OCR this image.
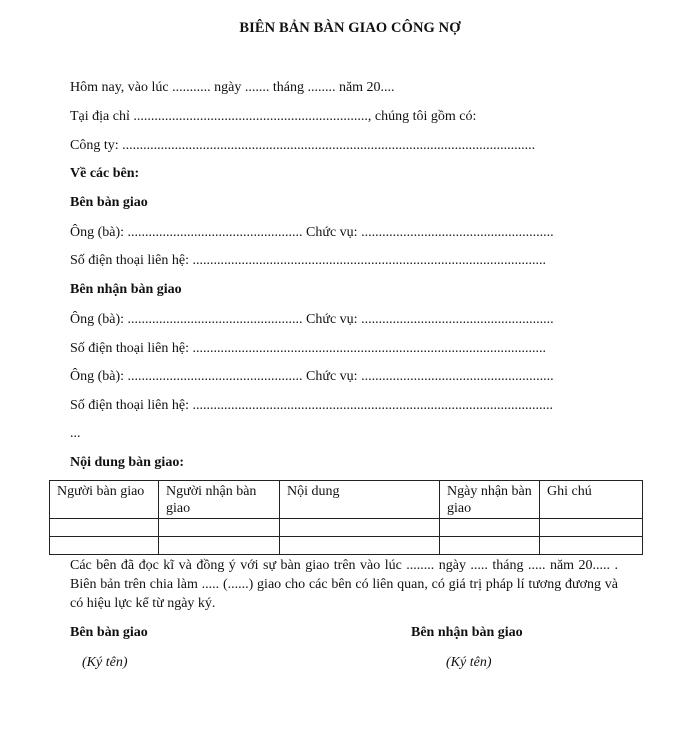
BIÊN BẢN BÀN GIAO CÔNG NỢ
Hôm nay, vào lúc ........... ngày ....... tháng ........ năm 20....
Tại địa chỉ ..................................................................., chúng tôi gồm có:
Công ty: ......................................................................................................................
Về các bên:
Bên bàn giao
Ông (bà): .................................................. Chức vụ: .......................................................
Số điện thoại liên hệ: .....................................................................................................
Bên nhận bàn giao
Ông (bà): .................................................. Chức vụ: .......................................................
Số điện thoại liên hệ: .....................................................................................................
Ông (bà): .................................................. Chức vụ: .......................................................
Số điện thoại liên hệ: .......................................................................................................
...
Nội dung bàn giao:
Người bàn giao	Người nhận bàn giao	Nội dung	Ngày nhận bàn giao	Ghi chú

Các bên đã đọc kĩ và đồng ý với sự bàn giao trên vào lúc ........ ngày ..... tháng ..... năm 20..... . Biên bản trên chia làm ..... (......) giao cho các bên có liên quan, có giá trị pháp lí tương đương và có hiệu lực kể từ ngày ký.
Bên bàn giao
(Ký tên)
Bên nhận bàn giao
(Ký tên)
